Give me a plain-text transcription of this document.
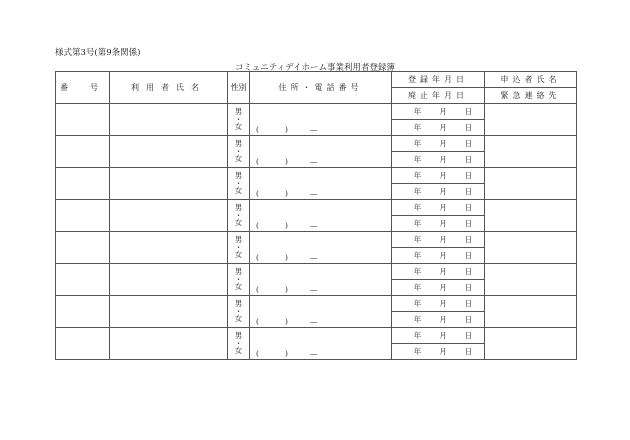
様式第3号(第9条関係)
コミュニティデイホーム事業利用者登録簿
番　号	利用者氏名	性別	住所・電話番号	登録年月日	申込者氏名
				廃止年月日	緊急連絡先

		男
・
女	( ) —	年 月 日	
				年 月 日	

		男
・
女	( ) —	年 月 日	
				年 月 日	

		男
・
女	( ) —	年 月 日	
				年 月 日	

		男
・
女	( ) —	年 月 日	
				年 月 日	

		男
・
女	( ) —	年 月 日	
				年 月 日	

		男
・
女	( ) —	年 月 日	
				年 月 日	

		男
・
女	( ) —	年 月 日	
				年 月 日	

		男
・
女	( ) —	年 月 日	
				年 月 日	
